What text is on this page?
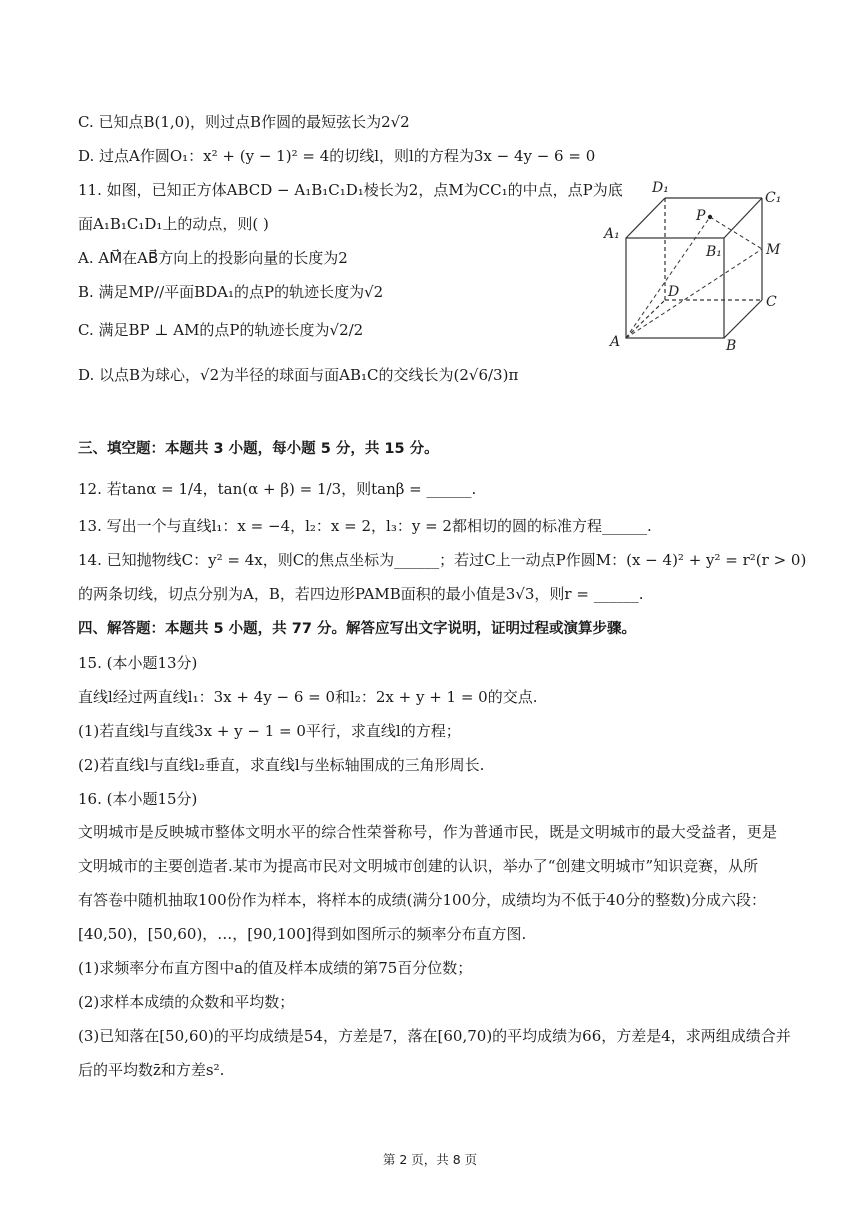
C. 已知点B(1,0)，则过点B作圆的最短弦长为2√2
D. 过点A作圆O₁：x² + (y − 1)² = 4的切线l，则l的方程为3x − 4y − 6 = 0
11. 如图，已知正方体ABCD − A₁B₁C₁D₁棱长为2，点M为CC₁的中点，点P为底
面A₁B₁C₁D₁上的动点，则( )
A. AM⃗在AB⃗方向上的投影向量的长度为2
B. 满足MP//平面BDA₁的点P的轨迹长度为√2
C. 满足BP ⊥ AM的点P的轨迹长度为√2/2
D. 以点B为球心，√2为半径的球面与面AB₁C的交线长为(2√6/3)π
D₁
C₁
A₁
B₁
P
M
D
C
A	B
三、填空题：本题共 3 小题，每小题 5 分，共 15 分。
12. 若tanα = 1/4，tan(α + β) = 1/3，则tanβ = ______.
13. 写出一个与直线l₁：x = −4，l₂：x = 2，l₃：y = 2都相切的圆的标准方程______.
14. 已知抛物线C：y² = 4x，则C的焦点坐标为______；若过C上一动点P作圆M：(x − 4)² + y² = r²(r > 0)
的两条切线，切点分别为A，B，若四边形PAMB面积的最小值是3√3，则r = ______.
四、解答题：本题共 5 小题，共 77 分。解答应写出文字说明，证明过程或演算步骤。
15. (本小题13分)
直线l经过两直线l₁：3x + 4y − 6 = 0和l₂：2x + y + 1 = 0的交点.
(1)若直线l与直线3x + y − 1 = 0平行，求直线l的方程；
(2)若直线l与直线l₂垂直，求直线l与坐标轴围成的三角形周长.
16. (本小题15分)
文明城市是反映城市整体文明水平的综合性荣誉称号，作为普通市民，既是文明城市的最大受益者，更是
文明城市的主要创造者.某市为提高市民对文明城市创建的认识，举办了“创建文明城市”知识竞赛，从所
有答卷中随机抽取100份作为样本，将样本的成绩(满分100分，成绩均为不低于40分的整数)分成六段：
[40,50)，[50,60)，…，[90,100]得到如图所示的频率分布直方图.
(1)求频率分布直方图中a的值及样本成绩的第75百分位数；
(2)求样本成绩的众数和平均数；
(3)已知落在[50,60)的平均成绩是54，方差是7，落在[60,70)的平均成绩为66，方差是4，求两组成绩合并
后的平均数z̄和方差s².
第 2 页，共 8 页
